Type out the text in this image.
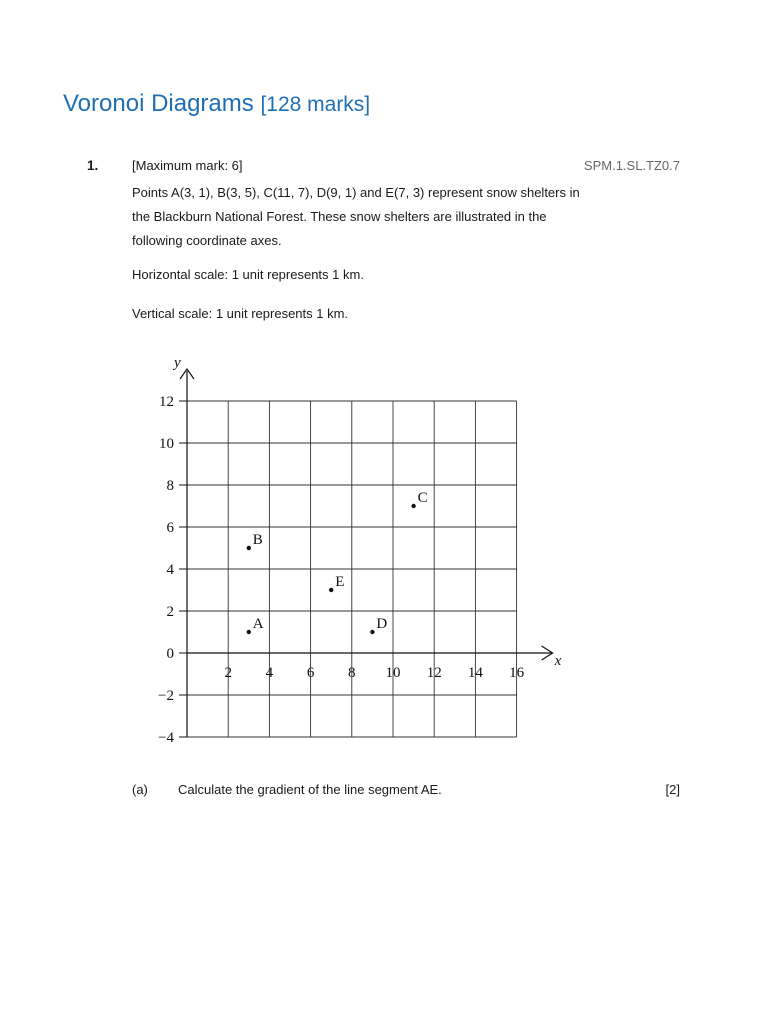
Voronoi Diagrams [128 marks]
1.	[Maximum mark: 6]	SPM.1.SL.TZ0.7
Points A(3, 1), B(3, 5), C(11, 7), D(9, 1) and E(7, 3) represent snow shelters in
the Blackburn National Forest. These snow shelters are illustrated in the
following coordinate axes.
Horizontal scale: 1 unit represents 1 km.
Vertical scale: 1 unit represents 1 km.
y
x
12
10
8
6
4
2
0
−2
−4
2 4 6 8 10 12 14 16
A
B
C
D
E
(a) Calculate the gradient of the line segment AE.	[2]
